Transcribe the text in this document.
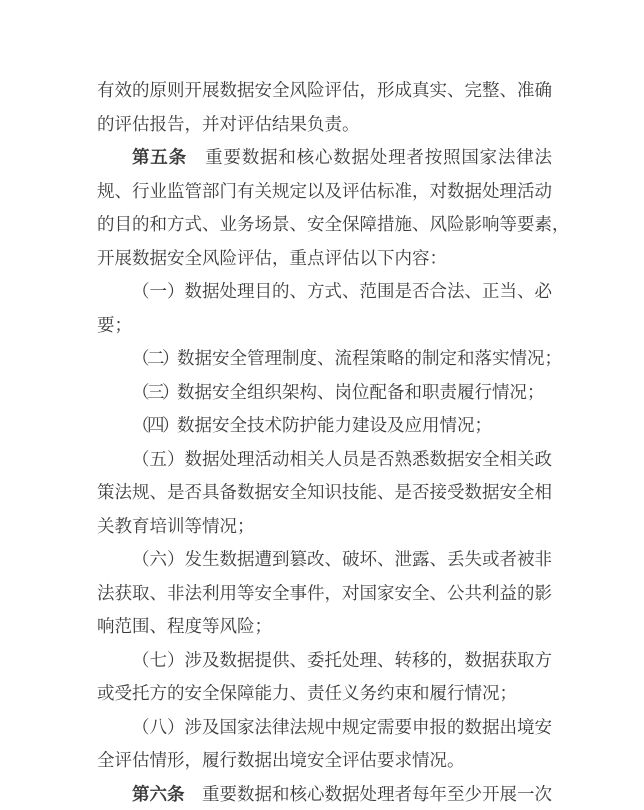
有效的原则开展数据安全风险评估，形成真实、完整、准确
的评估报告，并对评估结果负责。
第五条　重要数据和核心数据处理者按照国家法律法
规、行业监管部门有关规定以及评估标准，对数据处理活动
的目的和方式、业务场景、安全保障措施、风险影响等要素，
开展数据安全风险评估，重点评估以下内容：
（一）数据处理目的、方式、范围是否合法、正当、必
要；
（二）数据安全管理制度、流程策略的制定和落实情况；
（三）数据安全组织架构、岗位配备和职责履行情况；
（四）数据安全技术防护能力建设及应用情况；
（五）数据处理活动相关人员是否熟悉数据安全相关政
策法规、是否具备数据安全知识技能、是否接受数据安全相
关教育培训等情况；
（六）发生数据遭到篡改、破坏、泄露、丢失或者被非
法获取、非法利用等安全事件，对国家安全、公共利益的影
响范围、程度等风险；
（七）涉及数据提供、委托处理、转移的，数据获取方
或受托方的安全保障能力、责任义务约束和履行情况；
（八）涉及国家法律法规中规定需要申报的数据出境安
全评估情形，履行数据出境安全评估要求情况。
第六条　重要数据和核心数据处理者每年至少开展一次
